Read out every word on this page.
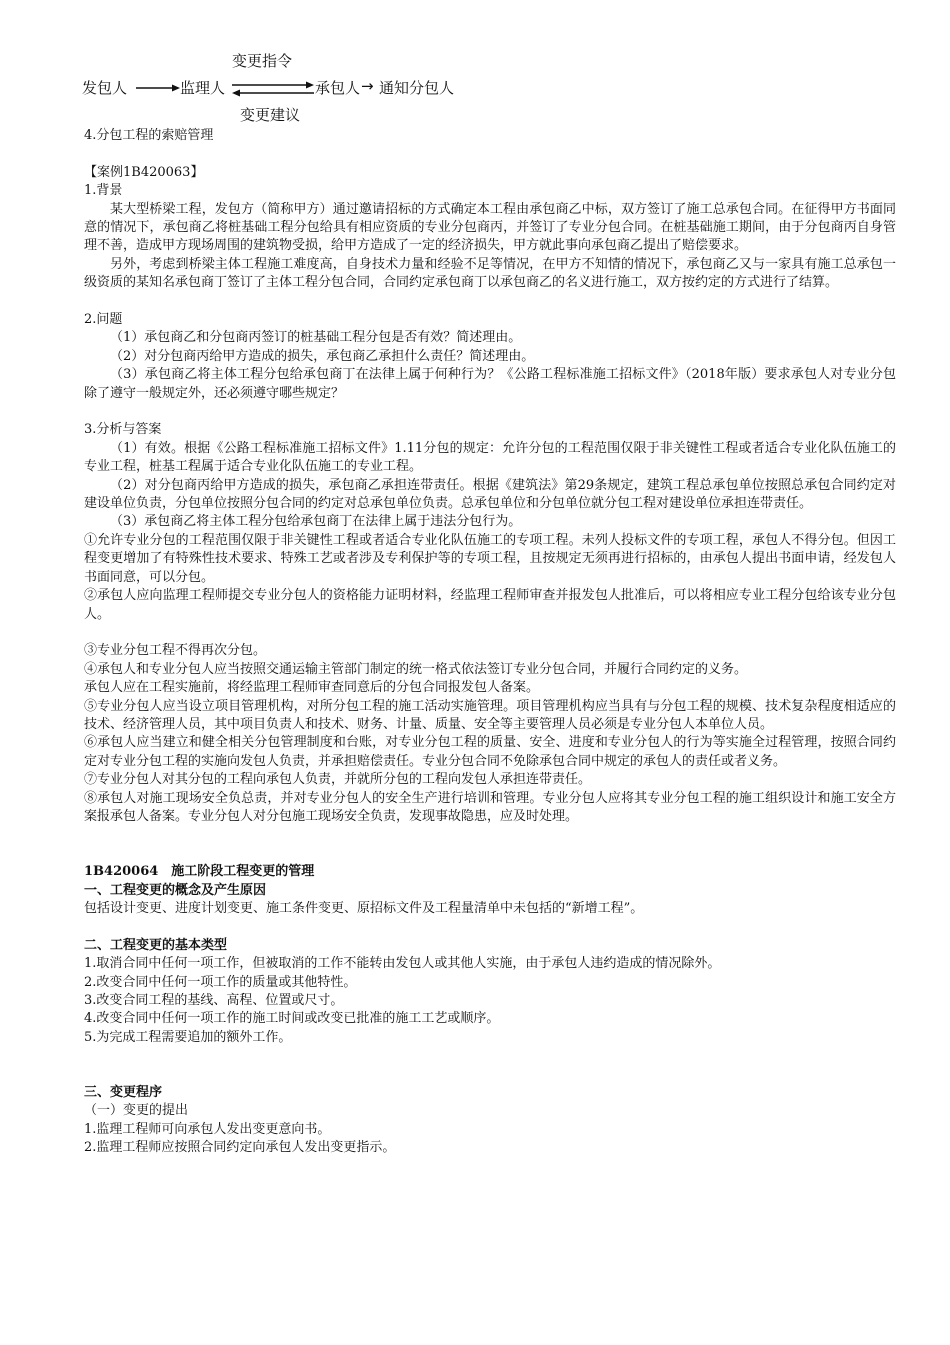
发包人	监理人	承包人 → 通知分包人
变更指令
变更建议

4.分包工程的索赔管理

【案例1B420063】

1.背景

某大型桥梁工程，发包方（简称甲方）通过邀请招标的方式确定本工程由承包商乙中标，双方签订了施工总承包合同。在征得甲方书面同意的情况下，承包商乙将桩基础工程分包给具有相应资质的专业分包商丙，并签订了专业分包合同。在桩基础施工期间，由于分包商丙自身管理不善，造成甲方现场周围的建筑物受损，给甲方造成了一定的经济损失，甲方就此事向承包商乙提出了赔偿要求。

另外，考虑到桥梁主体工程施工难度高，自身技术力量和经验不足等情况，在甲方不知情的情况下，承包商乙又与一家具有施工总承包一级资质的某知名承包商丁签订了主体工程分包合同，合同约定承包商丁以承包商乙的名义进行施工，双方按约定的方式进行了结算。

2.问题

（1）承包商乙和分包商丙签订的桩基础工程分包是否有效？简述理由。

（2）对分包商丙给甲方造成的损失，承包商乙承担什么责任？简述理由。

（3）承包商乙将主体工程分包给承包商丁在法律上属于何种行为？《公路工程标准施工招标文件》（2018年版）要求承包人对专业分包除了遵守一般规定外，还必须遵守哪些规定？

3.分析与答案

（1）有效。根据《公路工程标准施工招标文件》1.11分包的规定：允许分包的工程范围仅限于非关键性工程或者适合专业化队伍施工的专业工程，桩基工程属于适合专业化队伍施工的专业工程。

（2）对分包商丙给甲方造成的损失，承包商乙承担连带责任。根据《建筑法》第29条规定，建筑工程总承包单位按照总承包合同约定对建设单位负责，分包单位按照分包合同的约定对总承包单位负责。总承包单位和分包单位就分包工程对建设单位承担连带责任。

（3）承包商乙将主体工程分包给承包商丁在法律上属于违法分包行为。

①允许专业分包的工程范围仅限于非关键性工程或者适合专业化队伍施工的专项工程。未列人投标文件的专项工程，承包人不得分包。但因工程变更增加了有特殊性技术要求、特殊工艺或者涉及专利保护等的专项工程，且按规定无须再进行招标的，由承包人提出书面申请，经发包人书面同意，可以分包。

②承包人应向监理工程师提交专业分包人的资格能力证明材料，经监理工程师审查并报发包人批准后，可以将相应专业工程分包给该专业分包人。

③专业分包工程不得再次分包。

④承包人和专业分包人应当按照交通运输主管部门制定的统一格式依法签订专业分包合同，并履行合同约定的义务。

承包人应在工程实施前，将经监理工程师审查同意后的分包合同报发包人备案。

⑤专业分包人应当设立项目管理机构，对所分包工程的施工活动实施管理。项目管理机构应当具有与分包工程的规模、技术复杂程度相适应的技术、经济管理人员，其中项目负责人和技术、财务、计量、质量、安全等主要管理人员必须是专业分包人本单位人员。

⑥承包人应当建立和健全相关分包管理制度和台账，对专业分包工程的质量、安全、进度和专业分包人的行为等实施全过程管理，按照合同约定对专业分包工程的实施向发包人负责，并承担赔偿责任。专业分包合同不免除承包合同中规定的承包人的责任或者义务。

⑦专业分包人对其分包的工程向承包人负责，并就所分包的工程向发包人承担连带责任。

⑧承包人对施工现场安全负总责，并对专业分包人的安全生产进行培训和管理。专业分包人应将其专业分包工程的施工组织设计和施工安全方案报承包人备案。专业分包人对分包施工现场安全负责，发现事故隐患，应及时处理。

1B420064　施工阶段工程变更的管理

一、工程变更的概念及产生原因

包括设计变更、进度计划变更、施工条件变更、原招标文件及工程量清单中未包括的“新增工程”。

二、工程变更的基本类型

1.取消合同中任何一项工作，但被取消的工作不能转由发包人或其他人实施，由于承包人违约造成的情况除外。

2.改变合同中任何一项工作的质量或其他特性。

3.改变合同工程的基线、高程、位置或尺寸。

4.改变合同中任何一项工作的施工时间或改变已批准的施工工艺或顺序。

5.为完成工程需要追加的额外工作。

三、变更程序

（一）变更的提出

1.监理工程师可向承包人发出变更意向书。

2.监理工程师应按照合同约定向承包人发出变更指示。
